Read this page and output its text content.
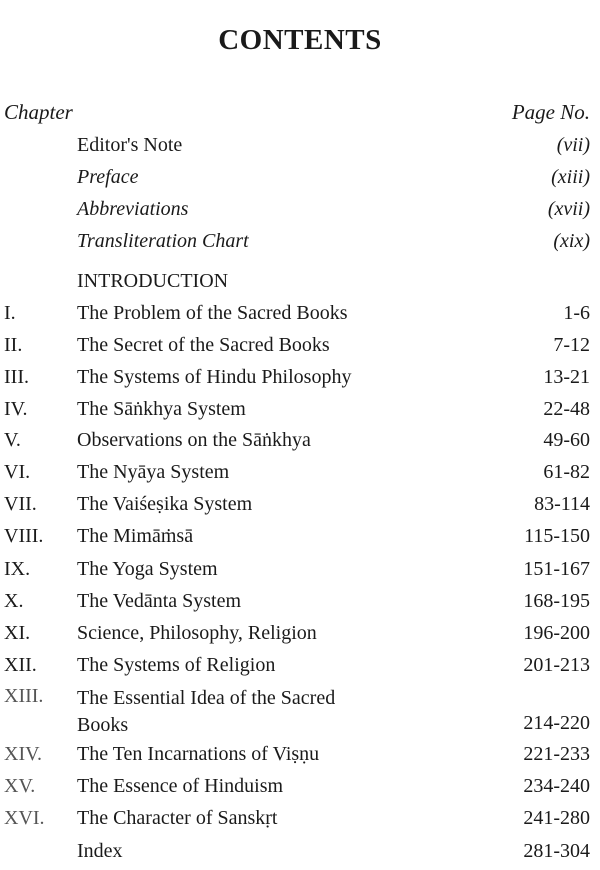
CONTENTS
Chapter	Page No.
Editor's Note	(vii)
Preface	(xiii)
Abbreviations	(xvii)
Transliteration Chart	(xix)
INTRODUCTION
I.	The Problem of the Sacred Books	1-6
II.	The Secret of the Sacred Books	7-12
III. The Systems of Hindu Philosophy	13-21
IV. The Sāṅkhya System	22-48
V.	Observations on the Sāṅkhya	49-60
VI. The Nyāya System	61-82
VII. The Vaiśeṣika System	83-114
VIII. The Mimāṁsā	115-150
IX. The Yoga System	151-167
X.	The Vedānta System	168-195
XI. Science, Philosophy, Religion	196-200
XII. The Systems of Religion	201-213
XIII. The Essential Idea of the Sacred
Books	214-220
XIV. The Ten Incarnations of Viṣṇu	221-233
XV. The Essence of Hinduism	234-240
XVI. The Character of Sanskṛt	241-280
Index	281-304
